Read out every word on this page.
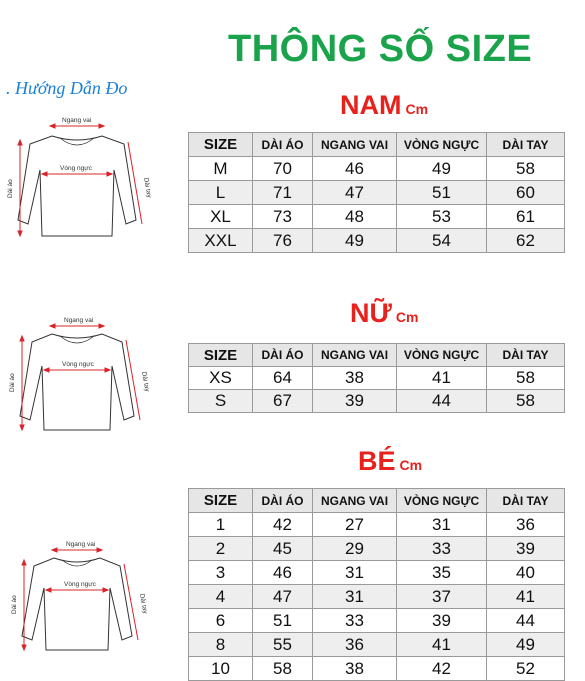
THÔNG SỐ SIZE
. Hướng Dẫn Đo
NAM Cm
SIZE	DÀI ÁO	NGANG VAI	VÒNG NGỰC	DÀI TAY
M	70	46	49	58
L	71	47	51	60
XL	73	48	53	61
XXL	76	49	54	62
NỮ Cm
SIZE	DÀI ÁO	NGANG VAI	VÒNG NGỰC	DÀI TAY
XS	64	38	41	58
S	67	39	44	58
BÉ Cm
SIZE	DÀI ÁO	NGANG VAI	VÒNG NGỰC	DÀI TAY
1	42	27	31	36
2	45	29	33	39
3	46	31	35	40
4	47	31	37	41
6	51	33	39	44
8	55	36	41	49
10	58	38	42	52
Ngang vai
Vòng ngực
Dài áo	Dài tay
Ngang vai
Vòng ngực
Dài áo	Dài tay
Ngang vai
Vòng ngực
Dài áo	Dài tay
